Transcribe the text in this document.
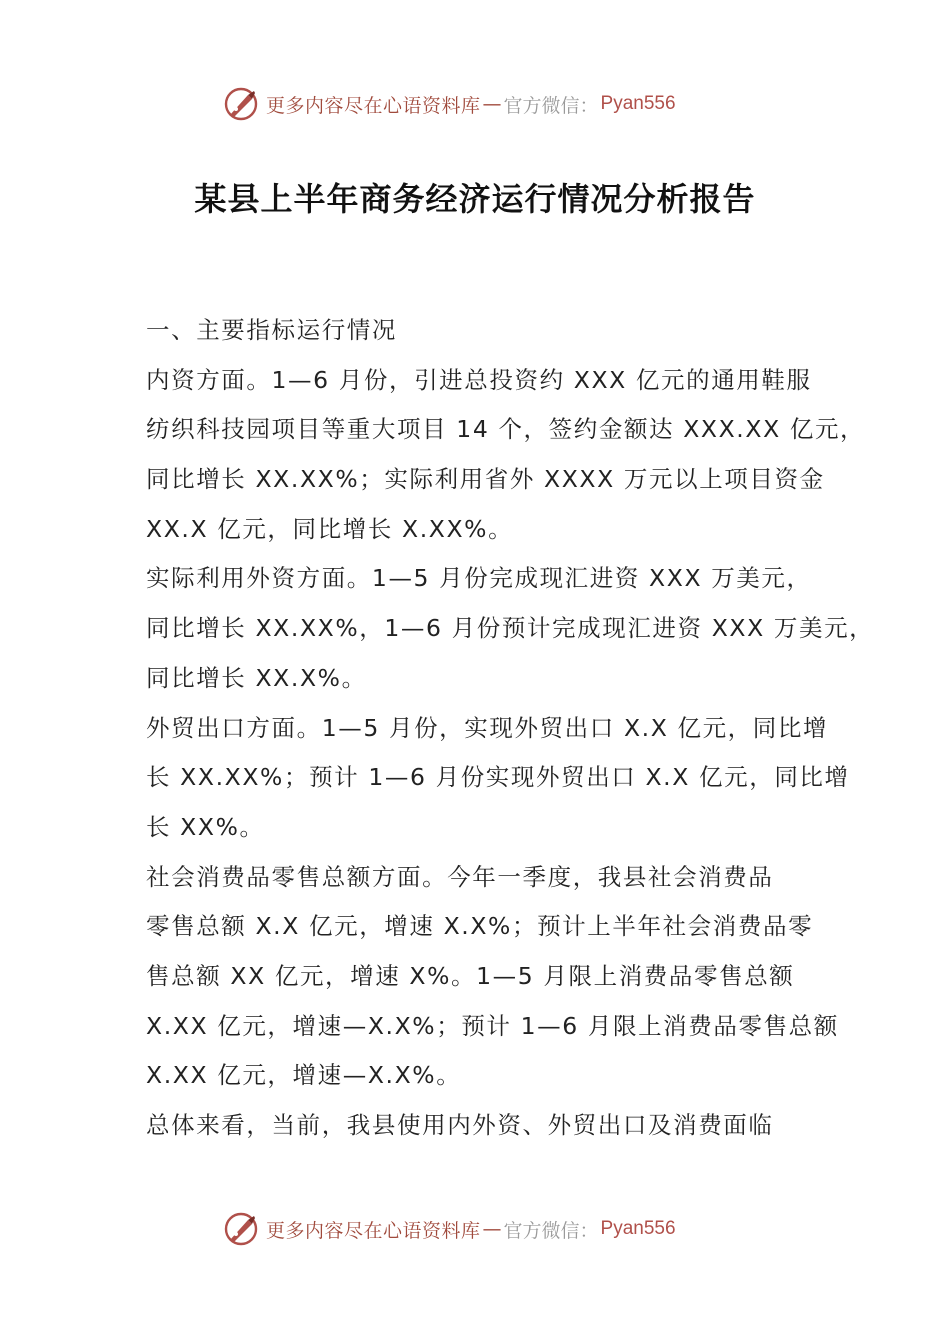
更多内容尽在心语资料库 — 官方微信： Pyan556
某县上半年商务经济运行情况分析报告
一、主要指标运行情况
内资方面。1—6 月份，引进总投资约 XXX 亿元的通用鞋服
纺织科技园项目等重大项目 14 个，签约金额达 XXX.XX 亿元，
同比增长 XX.XX%；实际利用省外 XXXX 万元以上项目资金
XX.X 亿元，同比增长 X.XX%。
实际利用外资方面。1—5 月份完成现汇进资 XXX 万美元，
同比增长 XX.XX%，1—6 月份预计完成现汇进资 XXX 万美元，
同比增长 XX.X%。
外贸出口方面。1—5 月份，实现外贸出口 X.X 亿元，同比增
长 XX.XX%；预计 1—6 月份实现外贸出口 X.X 亿元，同比增
长 XX%。
社会消费品零售总额方面。今年一季度，我县社会消费品
零售总额 X.X 亿元，增速 X.X%；预计上半年社会消费品零
售总额 XX 亿元，增速 X%。1—5 月限上消费品零售总额
X.XX 亿元，增速—X.X%；预计 1—6 月限上消费品零售总额
X.XX 亿元，增速—X.X%。
总体来看，当前，我县使用内外资、外贸出口及消费面临
更多内容尽在心语资料库 — 官方微信： Pyan556
